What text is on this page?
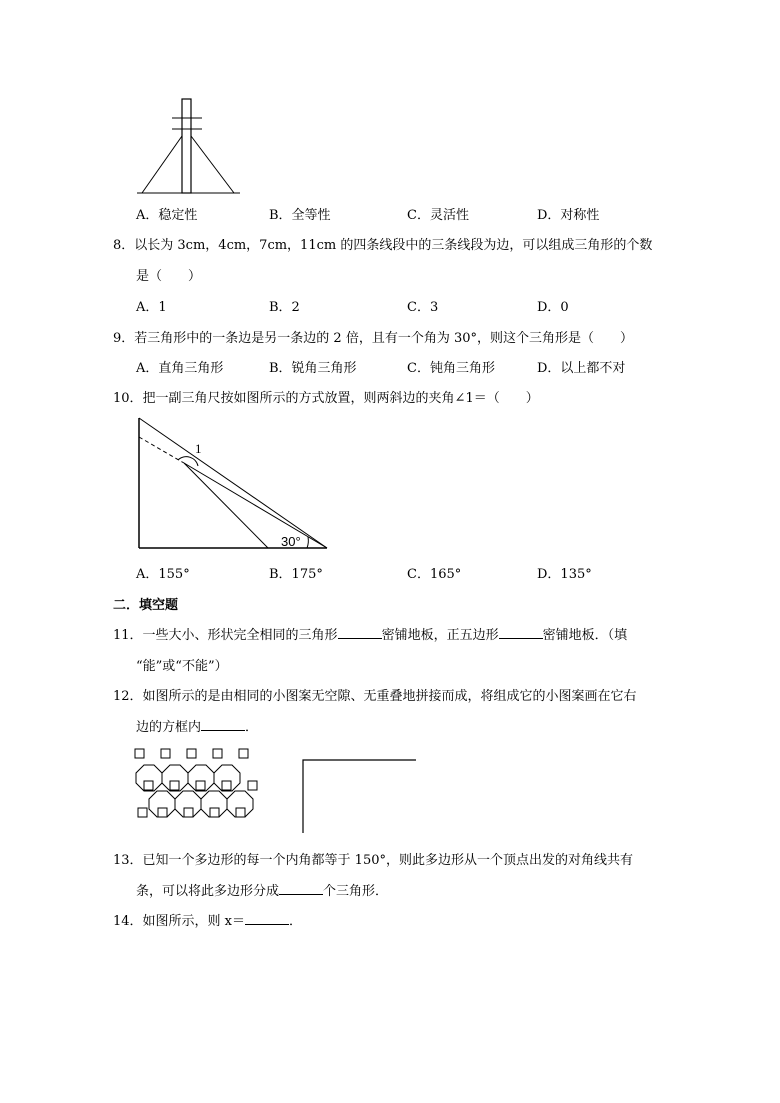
A．稳定性	B．全等性	C．灵活性	D．对称性
8．以长为 3cm，4cm，7cm，11cm 的四条线段中的三条线段为边，可以组成三角形的个数
是（　　）
A．1	B．2	C．3	D．0
9．若三角形中的一条边是另一条边的 2 倍，且有一个角为 30°，则这个三角形是（　　）
A．直角三角形	B．锐角三角形	C．钝角三角形	D．以上都不对
10．把一副三角尺按如图所示的方式放置，则两斜边的夹角∠1＝（　　）
1
30°
A．155°	B．175°	C．165°	D．135°
二．填空题
11．一些大小、形状完全相同的三角形	密铺地板，正五边形	密铺地板．（填
“能”或“不能”）
12．如图所示的是由相同的小图案无空隙、无重叠地拼接而成，将组成它的小图案画在它右
边的方框内	．
13．已知一个多边形的每一个内角都等于 150°，则此多边形从一个顶点出发的对角线共有
条，可以将此多边形分成	个三角形．
14．如图所示，则 x＝	．
